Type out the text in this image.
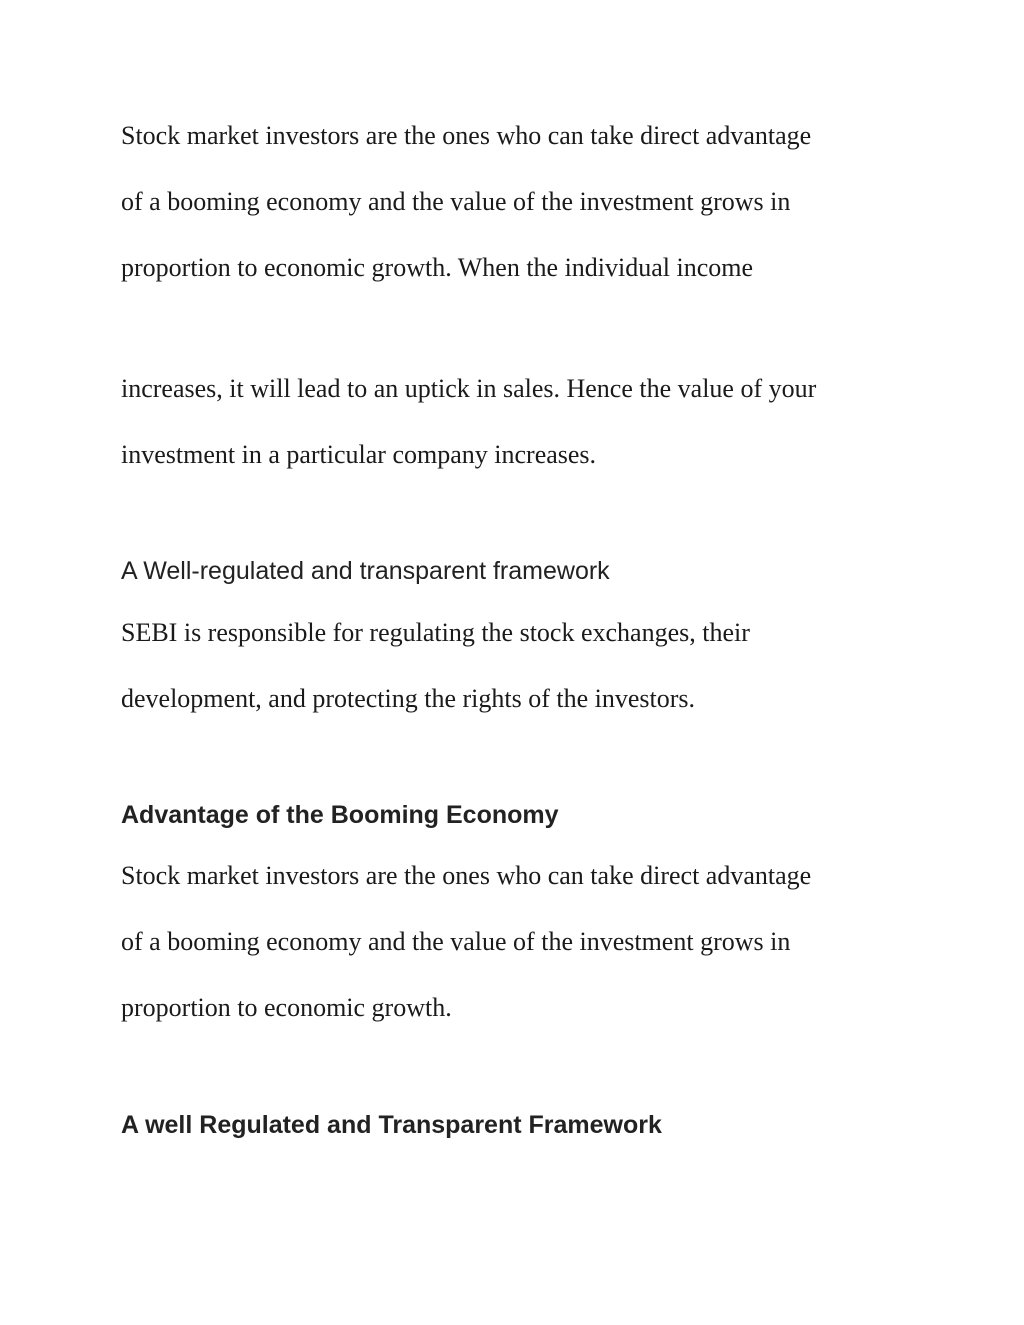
Stock market investors are the ones who can take direct advantage
of a booming economy and the value of the investment grows in
proportion to economic growth. When the individual income
increases, it will lead to an uptick in sales. Hence the value of your
investment in a particular company increases.
A Well-regulated and transparent framework
SEBI is responsible for regulating the stock exchanges, their
development, and protecting the rights of the investors.
Advantage of the Booming Economy
Stock market investors are the ones who can take direct advantage
of a booming economy and the value of the investment grows in
proportion to economic growth.
A well Regulated and Transparent Framework
